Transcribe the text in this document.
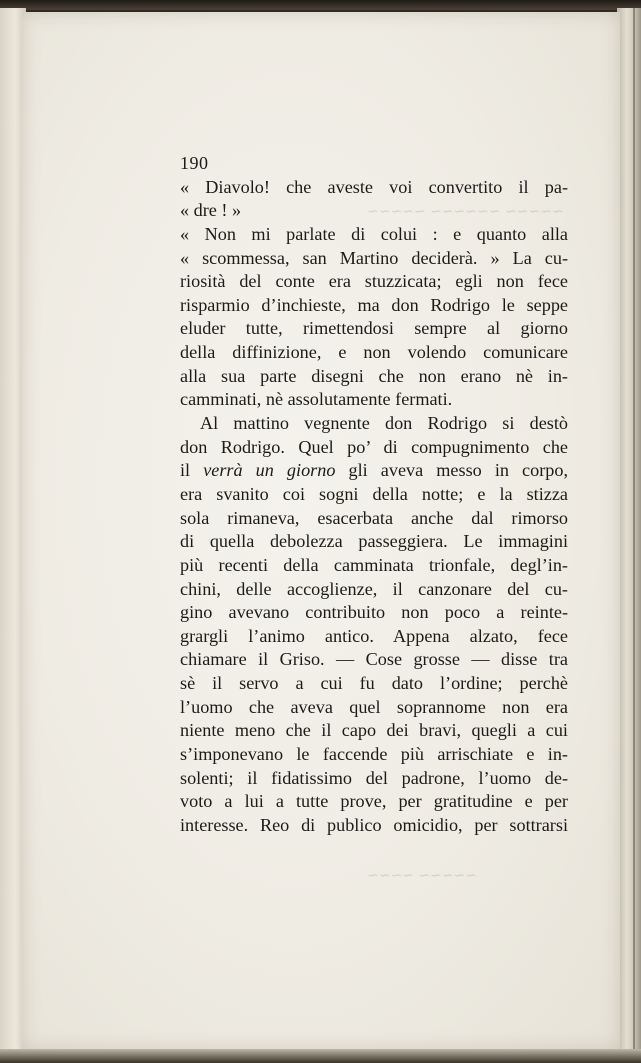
~~~~~ ~~~~~~ ~~~~~
~~~~~ ~~~~
190
« Diavolo! che aveste voi convertito il pa-
« dre ! »
« Non mi parlate di colui : e quanto alla
« scommessa, san Martino deciderà. » La cu-
riosità del conte era stuzzicata; egli non fece
risparmio d’inchieste, ma don Rodrigo le seppe
eluder tutte, rimettendosi sempre al giorno
della diffinizione, e non volendo comunicare
alla sua parte disegni che non erano nè in-
camminati, nè assolutamente fermati.
Al mattino vegnente don Rodrigo si destò
don Rodrigo. Quel po’ di compugnimento che
il verrà un giorno gli aveva messo in corpo,
era svanito coi sogni della notte; e la stizza
sola rimaneva, esacerbata anche dal rimorso
di quella debolezza passeggiera. Le immagini
più recenti della camminata trionfale, degl’in-
chini, delle accoglienze, il canzonare del cu-
gino avevano contribuito non poco a reinte-
grargli l’animo antico. Appena alzato, fece
chiamare il Griso. — Cose grosse — disse tra
sè il servo a cui fu dato l’ordine; perchè
l’uomo che aveva quel soprannome non era
niente meno che il capo dei bravi, quegli a cui
s’imponevano le faccende più arrischiate e in-
solenti; il fidatissimo del padrone, l’uomo de-
voto a lui a tutte prove, per gratitudine e per
interesse. Reo di publico omicidio, per sottrarsi
